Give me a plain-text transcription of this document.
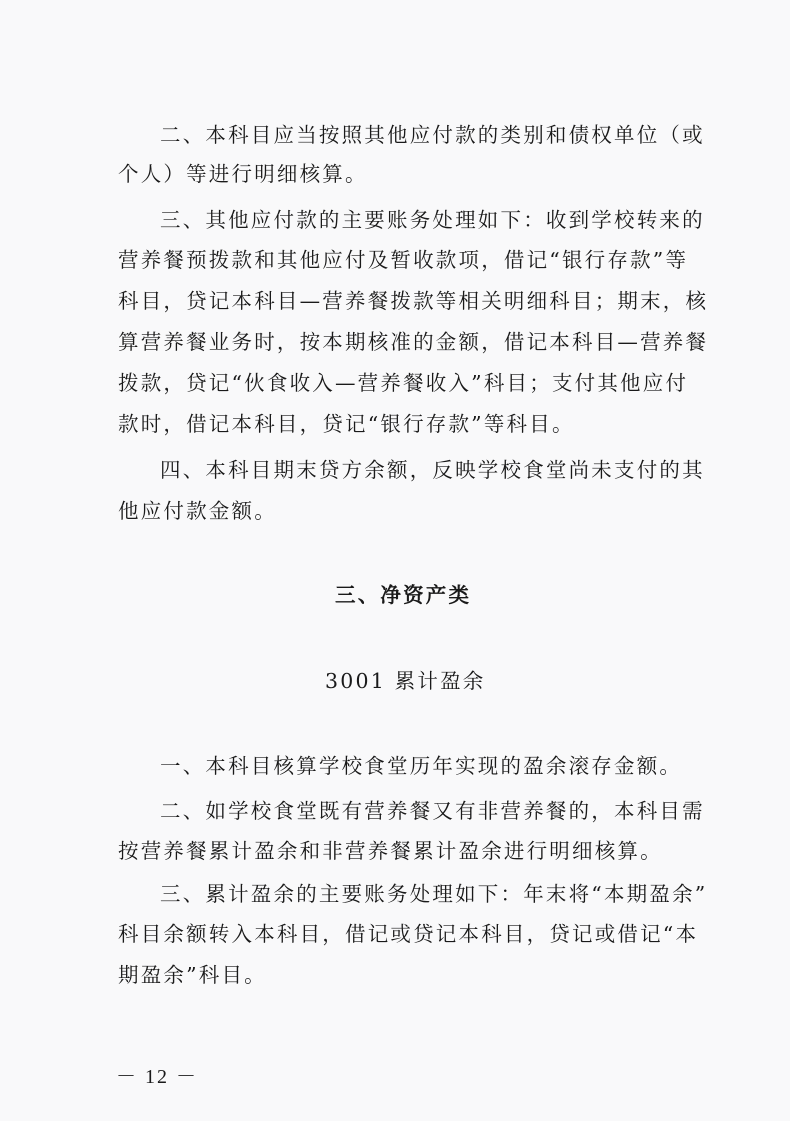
二、本科目应当按照其他应付款的类别和债权单位（或
个人）等进行明细核算。
三、其他应付款的主要账务处理如下：收到学校转来的
营养餐预拨款和其他应付及暂收款项，借记“银行存款”等
科目，贷记本科目—营养餐拨款等相关明细科目；期末，核
算营养餐业务时，按本期核准的金额，借记本科目—营养餐
拨款，贷记“伙食收入—营养餐收入”科目；支付其他应付
款时，借记本科目，贷记“银行存款”等科目。
四、本科目期末贷方余额，反映学校食堂尚未支付的其
他应付款金额。
三、净资产类
3001 累计盈余
一、本科目核算学校食堂历年实现的盈余滚存金额。
二、如学校食堂既有营养餐又有非营养餐的，本科目需
按营养餐累计盈余和非营养餐累计盈余进行明细核算。
三、累计盈余的主要账务处理如下：年末将“本期盈余”
科目余额转入本科目，借记或贷记本科目，贷记或借记“本
期盈余”科目。
－ 12 －
